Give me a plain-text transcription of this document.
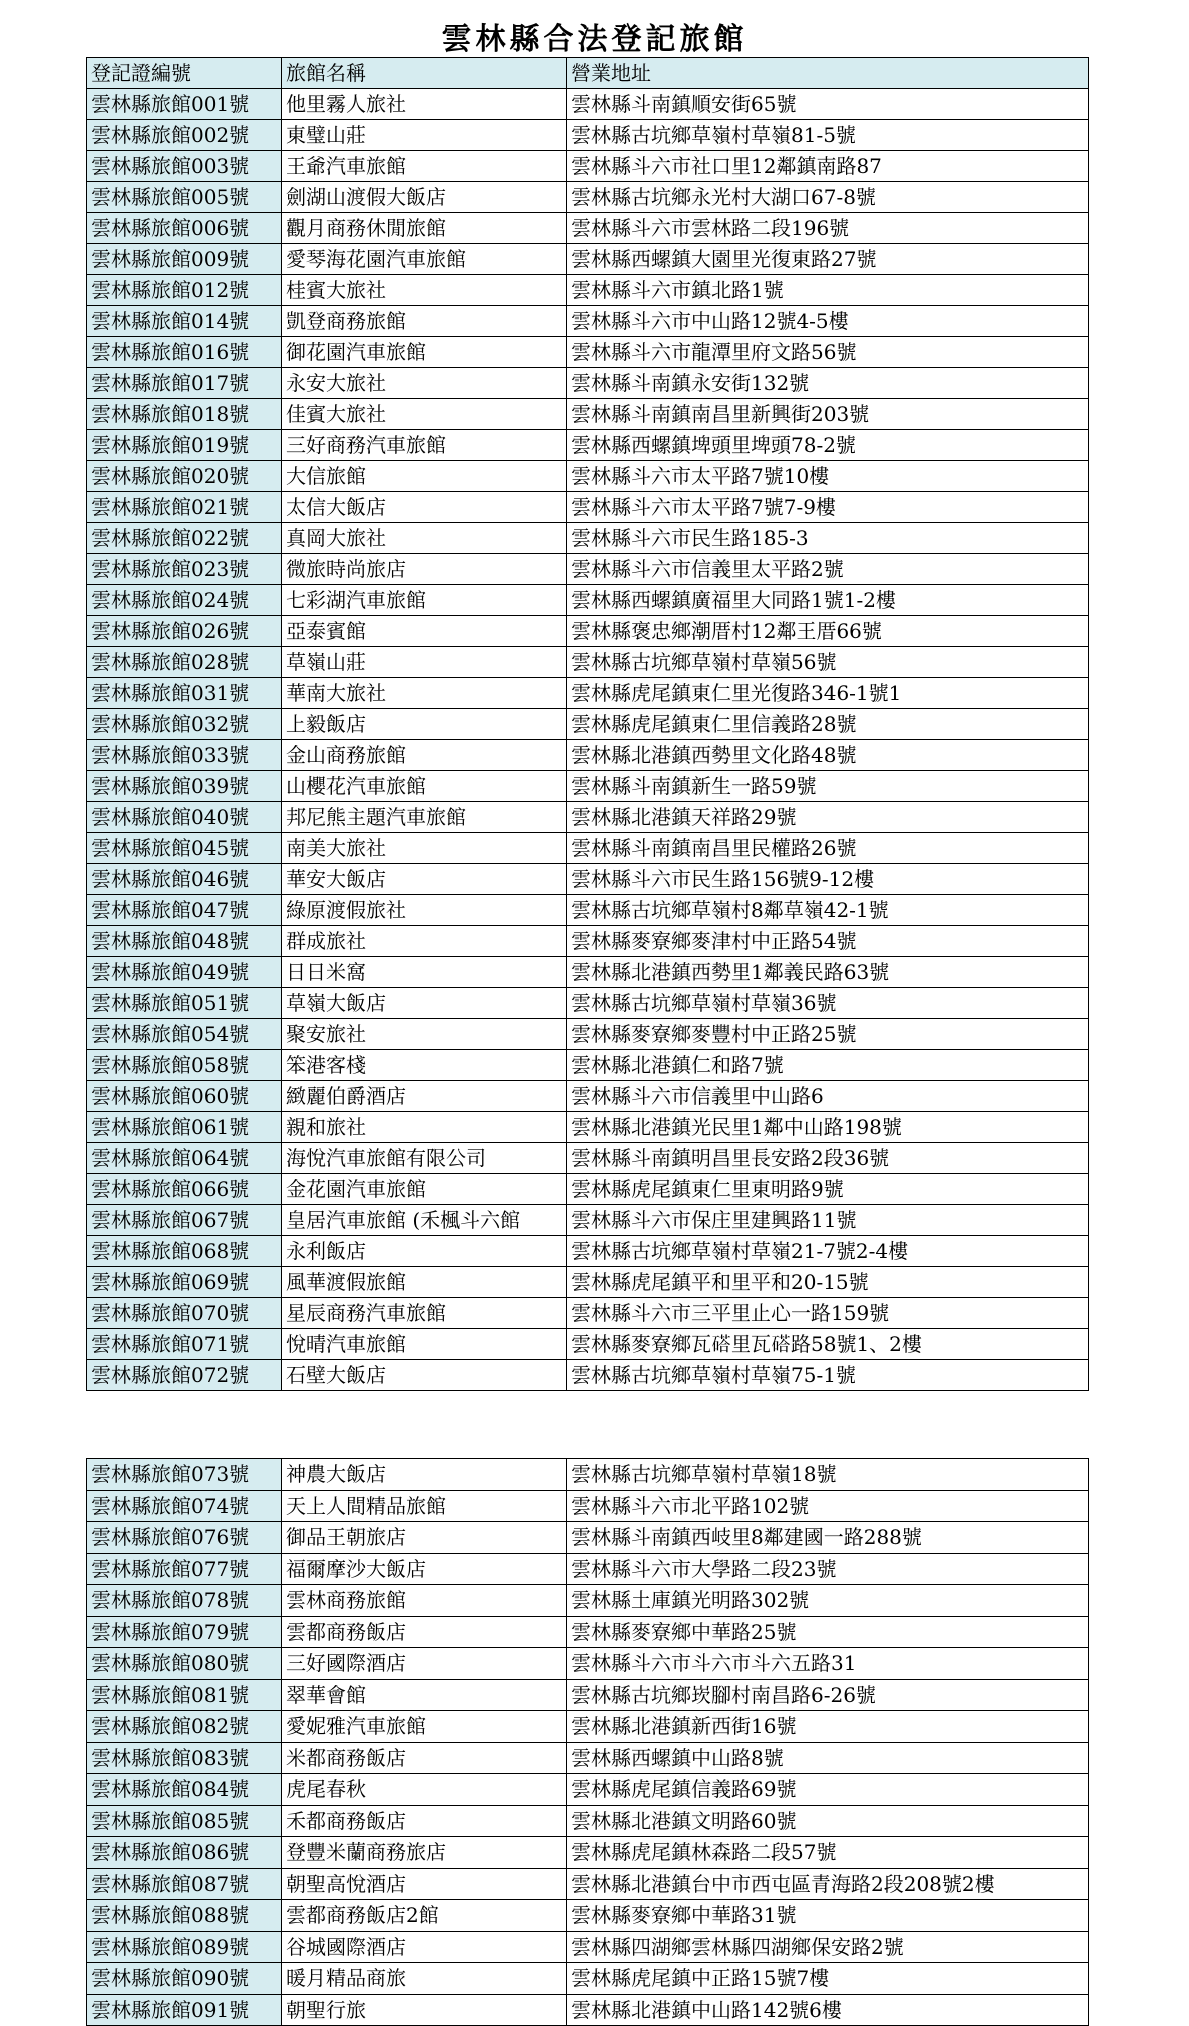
雲林縣合法登記旅館
登記證編號	旅館名稱	營業地址
雲林縣旅館001號	他里霧人旅社	雲林縣斗南鎮順安街65號
雲林縣旅館002號	東璧山莊	雲林縣古坑鄉草嶺村草嶺81-5號
雲林縣旅館003號	王爺汽車旅館	雲林縣斗六市社口里12鄰鎮南路87
雲林縣旅館005號	劍湖山渡假大飯店	雲林縣古坑鄉永光村大湖口67-8號
雲林縣旅館006號	觀月商務休閒旅館	雲林縣斗六市雲林路二段196號
雲林縣旅館009號	愛琴海花園汽車旅館	雲林縣西螺鎮大園里光復東路27號
雲林縣旅館012號	桂賓大旅社	雲林縣斗六市鎮北路1號
雲林縣旅館014號	凱登商務旅館	雲林縣斗六市中山路12號4-5樓
雲林縣旅館016號	御花園汽車旅館	雲林縣斗六市龍潭里府文路56號
雲林縣旅館017號	永安大旅社	雲林縣斗南鎮永安街132號
雲林縣旅館018號	佳賓大旅社	雲林縣斗南鎮南昌里新興街203號
雲林縣旅館019號	三好商務汽車旅館	雲林縣西螺鎮埤頭里埤頭78-2號
雲林縣旅館020號	大信旅館	雲林縣斗六市太平路7號10樓
雲林縣旅館021號	太信大飯店	雲林縣斗六市太平路7號7-9樓
雲林縣旅館022號	真岡大旅社	雲林縣斗六市民生路185-3
雲林縣旅館023號	微旅時尚旅店	雲林縣斗六市信義里太平路2號
雲林縣旅館024號	七彩湖汽車旅館	雲林縣西螺鎮廣福里大同路1號1-2樓
雲林縣旅館026號	亞泰賓館	雲林縣褒忠鄉潮厝村12鄰王厝66號
雲林縣旅館028號	草嶺山莊	雲林縣古坑鄉草嶺村草嶺56號
雲林縣旅館031號	華南大旅社	雲林縣虎尾鎮東仁里光復路346-1號1
雲林縣旅館032號	上毅飯店	雲林縣虎尾鎮東仁里信義路28號
雲林縣旅館033號	金山商務旅館	雲林縣北港鎮西勢里文化路48號
雲林縣旅館039號	山櫻花汽車旅館	雲林縣斗南鎮新生一路59號
雲林縣旅館040號	邦尼熊主題汽車旅館	雲林縣北港鎮天祥路29號
雲林縣旅館045號	南美大旅社	雲林縣斗南鎮南昌里民權路26號
雲林縣旅館046號	華安大飯店	雲林縣斗六市民生路156號9-12樓
雲林縣旅館047號	綠原渡假旅社	雲林縣古坑鄉草嶺村8鄰草嶺42-1號
雲林縣旅館048號	群成旅社	雲林縣麥寮鄉麥津村中正路54號
雲林縣旅館049號	日日米窩	雲林縣北港鎮西勢里1鄰義民路63號
雲林縣旅館051號	草嶺大飯店	雲林縣古坑鄉草嶺村草嶺36號
雲林縣旅館054號	聚安旅社	雲林縣麥寮鄉麥豐村中正路25號
雲林縣旅館058號	笨港客棧	雲林縣北港鎮仁和路7號
雲林縣旅館060號	緻麗伯爵酒店	雲林縣斗六市信義里中山路6
雲林縣旅館061號	親和旅社	雲林縣北港鎮光民里1鄰中山路198號
雲林縣旅館064號	海悅汽車旅館有限公司	雲林縣斗南鎮明昌里長安路2段36號
雲林縣旅館066號	金花園汽車旅館	雲林縣虎尾鎮東仁里東明路9號
雲林縣旅館067號	皇居汽車旅館 (禾楓斗六館	雲林縣斗六市保庄里建興路11號
雲林縣旅館068號	永利飯店	雲林縣古坑鄉草嶺村草嶺21-7號2-4樓
雲林縣旅館069號	風華渡假旅館	雲林縣虎尾鎮平和里平和20-15號
雲林縣旅館070號	星辰商務汽車旅館	雲林縣斗六市三平里止心一路159號
雲林縣旅館071號	悅晴汽車旅館	雲林縣麥寮鄉瓦𥔽里瓦𥔽路58號1、2樓
雲林縣旅館072號	石壁大飯店	雲林縣古坑鄉草嶺村草嶺75-1號
雲林縣旅館073號	神農大飯店	雲林縣古坑鄉草嶺村草嶺18號
雲林縣旅館074號	天上人間精品旅館	雲林縣斗六市北平路102號
雲林縣旅館076號	御品王朝旅店	雲林縣斗南鎮西岐里8鄰建國一路288號
雲林縣旅館077號	福爾摩沙大飯店	雲林縣斗六市大學路二段23號
雲林縣旅館078號	雲林商務旅館	雲林縣土庫鎮光明路302號
雲林縣旅館079號	雲都商務飯店	雲林縣麥寮鄉中華路25號
雲林縣旅館080號	三好國際酒店	雲林縣斗六市斗六市斗六五路31
雲林縣旅館081號	翠華會館	雲林縣古坑鄉崁腳村南昌路6-26號
雲林縣旅館082號	愛妮雅汽車旅館	雲林縣北港鎮新西街16號
雲林縣旅館083號	米都商務飯店	雲林縣西螺鎮中山路8號
雲林縣旅館084號	虎尾春秋	雲林縣虎尾鎮信義路69號
雲林縣旅館085號	禾都商務飯店	雲林縣北港鎮文明路60號
雲林縣旅館086號	登豐米蘭商務旅店	雲林縣虎尾鎮林森路二段57號
雲林縣旅館087號	朝聖高悅酒店	雲林縣北港鎮台中市西屯區青海路2段208號2樓
雲林縣旅館088號	雲都商務飯店2館	雲林縣麥寮鄉中華路31號
雲林縣旅館089號	谷城國際酒店	雲林縣四湖鄉雲林縣四湖鄉保安路2號
雲林縣旅館090號	暖月精品商旅	雲林縣虎尾鎮中正路15號7樓
雲林縣旅館091號	朝聖行旅	雲林縣北港鎮中山路142號6樓
